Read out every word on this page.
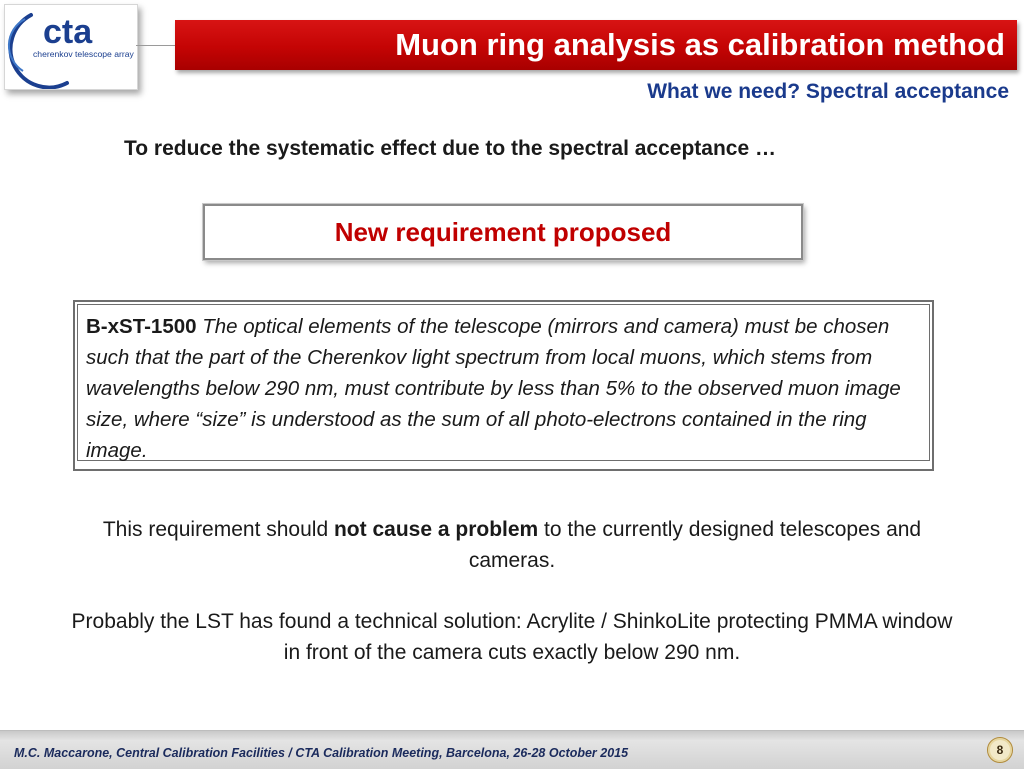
cta
cherenkov telescope array	Muon ring analysis as calibration method
What we need? Spectral acceptance
To reduce the systematic effect due to the spectral acceptance …
New requirement proposed
B-xST-1500 The optical elements of the telescope (mirrors and camera) must be chosen such that the part of the Cherenkov light spectrum from local muons, which stems from wavelengths below 290 nm, must contribute by less than 5% to the observed muon image size, where “size” is understood as the sum of all photo-electrons contained in the ring image.
This requirement should not cause a problem to the currently designed telescopes and cameras.
Probably the LST has found a technical solution: Acrylite / ShinkoLite protecting PMMA window in front of the camera cuts exactly below 290 nm.
M.C. Maccarone, Central Calibration Facilities / CTA Calibration Meeting, Barcelona, 26-28 October 2015	8
